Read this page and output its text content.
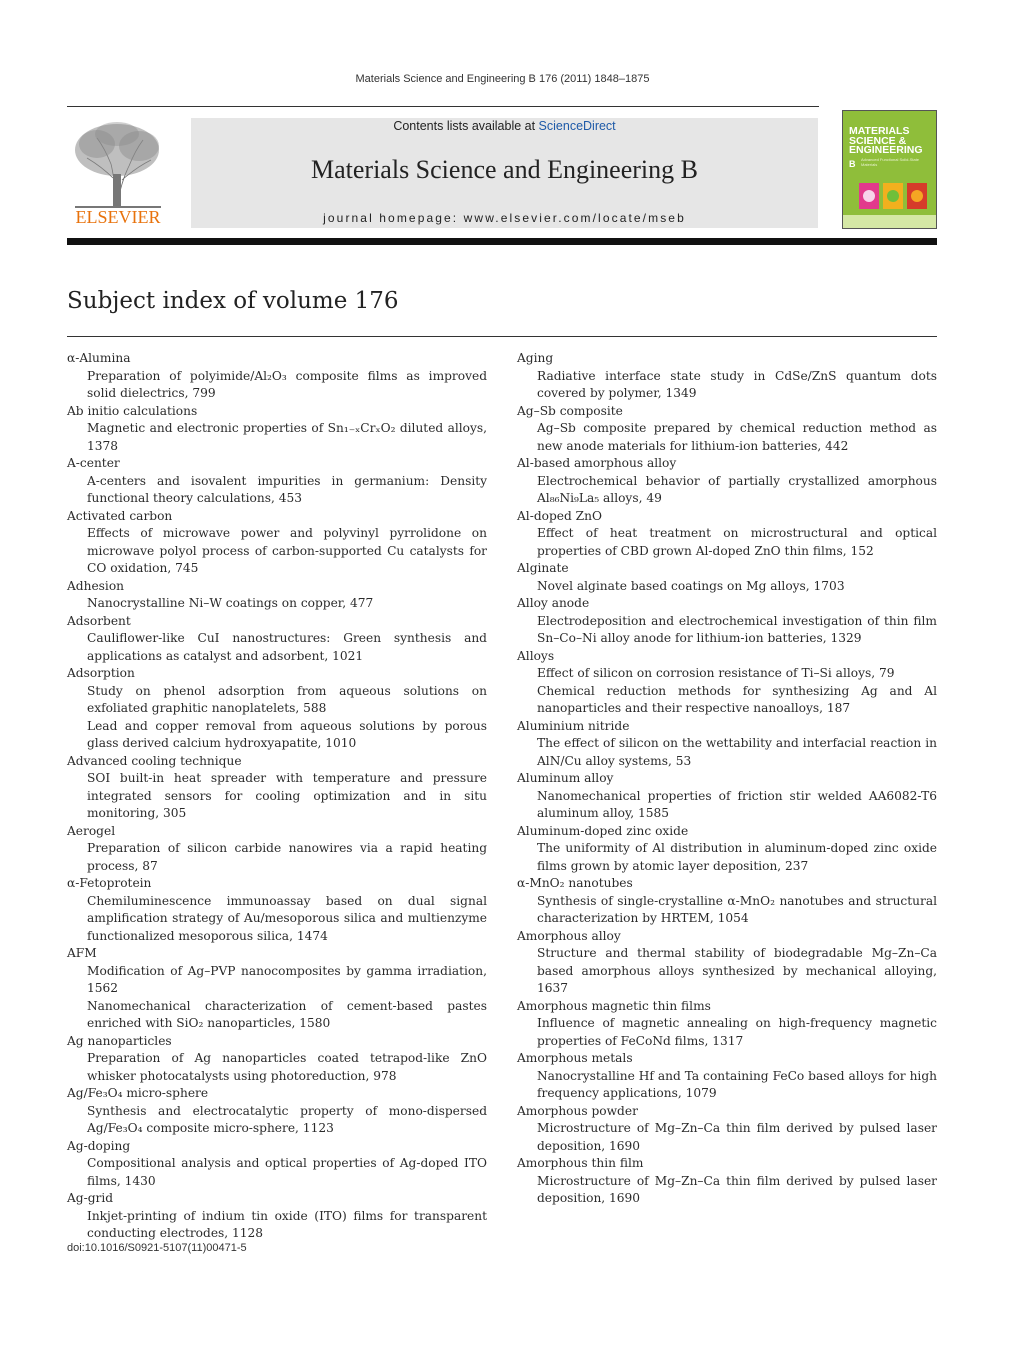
Materials Science and Engineering B 176 (2011) 1848–1875
ELSEVIER
Contents lists available at ScienceDirect
Materials Science and Engineering B
journal homepage: www.elsevier.com/locate/mseb
MATERIALS SCIENCE & ENGINEERING
B Advanced Functional Solid-State Materials
Subject index of volume 176
α-Alumina
Preparation of polyimide/Al₂O₃ composite films as improved solid dielectrics, 799
Ab initio calculations
Magnetic and electronic properties of Sn₁₋ₓCrₓO₂ diluted alloys, 1378
A-center
A-centers and isovalent impurities in germanium: Density functional theory calculations, 453
Activated carbon
Effects of microwave power and polyvinyl pyrrolidone on microwave polyol process of carbon-supported Cu catalysts for CO oxidation, 745
Adhesion
Nanocrystalline Ni–W coatings on copper, 477
Adsorbent
Cauliflower-like CuI nanostructures: Green synthesis and applications as catalyst and adsorbent, 1021
Adsorption
Study on phenol adsorption from aqueous solutions on exfoliated graphitic nanoplatelets, 588
Lead and copper removal from aqueous solutions by porous glass derived calcium hydroxyapatite, 1010
Advanced cooling technique
SOI built-in heat spreader with temperature and pressure integrated sensors for cooling optimization and in situ monitoring, 305
Aerogel
Preparation of silicon carbide nanowires via a rapid heating process, 87
α-Fetoprotein
Chemiluminescence immunoassay based on dual signal amplification strategy of Au/mesoporous silica and multienzyme functionalized mesoporous silica, 1474
AFM
Modification of Ag–PVP nanocomposites by gamma irradiation, 1562
Nanomechanical characterization of cement-based pastes enriched with SiO₂ nanoparticles, 1580
Ag nanoparticles
Preparation of Ag nanoparticles coated tetrapod-like ZnO whisker photocatalysts using photoreduction, 978
Ag/Fe₃O₄ micro-sphere
Synthesis and electrocatalytic property of mono-dispersed Ag/Fe₃O₄ composite micro-sphere, 1123
Ag-doping
Compositional analysis and optical properties of Ag-doped ITO films, 1430
Ag-grid
Inkjet-printing of indium tin oxide (ITO) films for transparent conducting electrodes, 1128
Aging
Radiative interface state study in CdSe/ZnS quantum dots covered by polymer, 1349
Ag–Sb composite
Ag–Sb composite prepared by chemical reduction method as new anode materials for lithium-ion batteries, 442
Al-based amorphous alloy
Electrochemical behavior of partially crystallized amorphous Al₈₆Ni₉La₅ alloys, 49
Al-doped ZnO
Effect of heat treatment on microstructural and optical properties of CBD grown Al-doped ZnO thin films, 152
Alginate
Novel alginate based coatings on Mg alloys, 1703
Alloy anode
Electrodeposition and electrochemical investigation of thin film Sn–Co–Ni alloy anode for lithium-ion batteries, 1329
Alloys
Effect of silicon on corrosion resistance of Ti–Si alloys, 79
Chemical reduction methods for synthesizing Ag and Al nanoparticles and their respective nanoalloys, 187
Aluminium nitride
The effect of silicon on the wettability and interfacial reaction in AlN/Cu alloy systems, 53
Aluminum alloy
Nanomechanical properties of friction stir welded AA6082-T6 aluminum alloy, 1585
Aluminum-doped zinc oxide
The uniformity of Al distribution in aluminum-doped zinc oxide films grown by atomic layer deposition, 237
α-MnO₂ nanotubes
Synthesis of single-crystalline α-MnO₂ nanotubes and structural characterization by HRTEM, 1054
Amorphous alloy
Structure and thermal stability of biodegradable Mg–Zn–Ca based amorphous alloys synthesized by mechanical alloying, 1637
Amorphous magnetic thin films
Influence of magnetic annealing on high-frequency magnetic properties of FeCoNd films, 1317
Amorphous metals
Nanocrystalline Hf and Ta containing FeCo based alloys for high frequency applications, 1079
Amorphous powder
Microstructure of Mg–Zn–Ca thin film derived by pulsed laser deposition, 1690
Amorphous thin film
Microstructure of Mg–Zn–Ca thin film derived by pulsed laser deposition, 1690
doi:10.1016/S0921-5107(11)00471-5
